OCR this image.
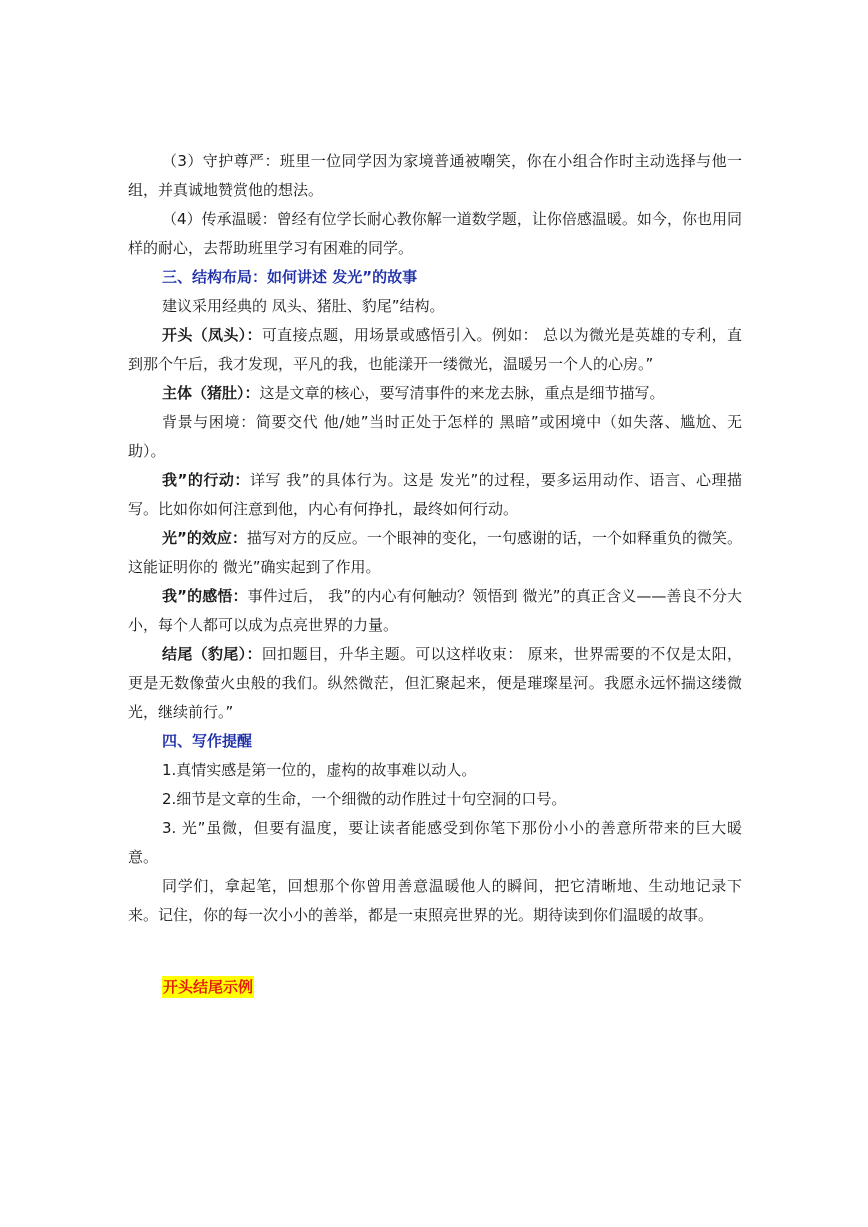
（3）守护尊严：班里一位同学因为家境普通被嘲笑，你在小组合作时主动选择与他一组，并真诚地赞赏他的想法。

（4）传承温暖：曾经有位学长耐心教你解一道数学题，让你倍感温暖。如今，你也用同样的耐心，去帮助班里学习有困难的同学。

三、结构布局：如何讲述 发光”的故事

建议采用经典的 凤头、猪肚、豹尾”结构。

开头（凤头）：可直接点题，用场景或感悟引入。例如： 总以为微光是英雄的专利，直到那个午后，我才发现，平凡的我，也能漾开一缕微光，温暖另一个人的心房。”

主体（猪肚）：这是文章的核心，要写清事件的来龙去脉，重点是细节描写。

背景与困境：简要交代 他/她”当时正处于怎样的 黑暗”或困境中（如失落、尴尬、无助）。

我”的行动：详写 我”的具体行为。这是 发光”的过程，要多运用动作、语言、心理描写。比如你如何注意到他，内心有何挣扎，最终如何行动。

光”的效应：描写对方的反应。一个眼神的变化，一句感谢的话，一个如释重负的微笑。这能证明你的 微光”确实起到了作用。

我”的感悟：事件过后， 我”的内心有何触动？领悟到 微光”的真正含义——善良不分大小，每个人都可以成为点亮世界的力量。

结尾（豹尾）：回扣题目，升华主题。可以这样收束： 原来，世界需要的不仅是太阳，更是无数像萤火虫般的我们。纵然微茫，但汇聚起来，便是璀璨星河。我愿永远怀揣这缕微光，继续前行。”

四、写作提醒

1.真情实感是第一位的，虚构的故事难以动人。

2.细节是文章的生命，一个细微的动作胜过十句空洞的口号。

3. 光”虽微，但要有温度，要让读者能感受到你笔下那份小小的善意所带来的巨大暖意。

同学们，拿起笔，回想那个你曾用善意温暖他人的瞬间，把它清晰地、生动地记录下来。记住，你的每一次小小的善举，都是一束照亮世界的光。期待读到你们温暖的故事。

开头结尾示例
